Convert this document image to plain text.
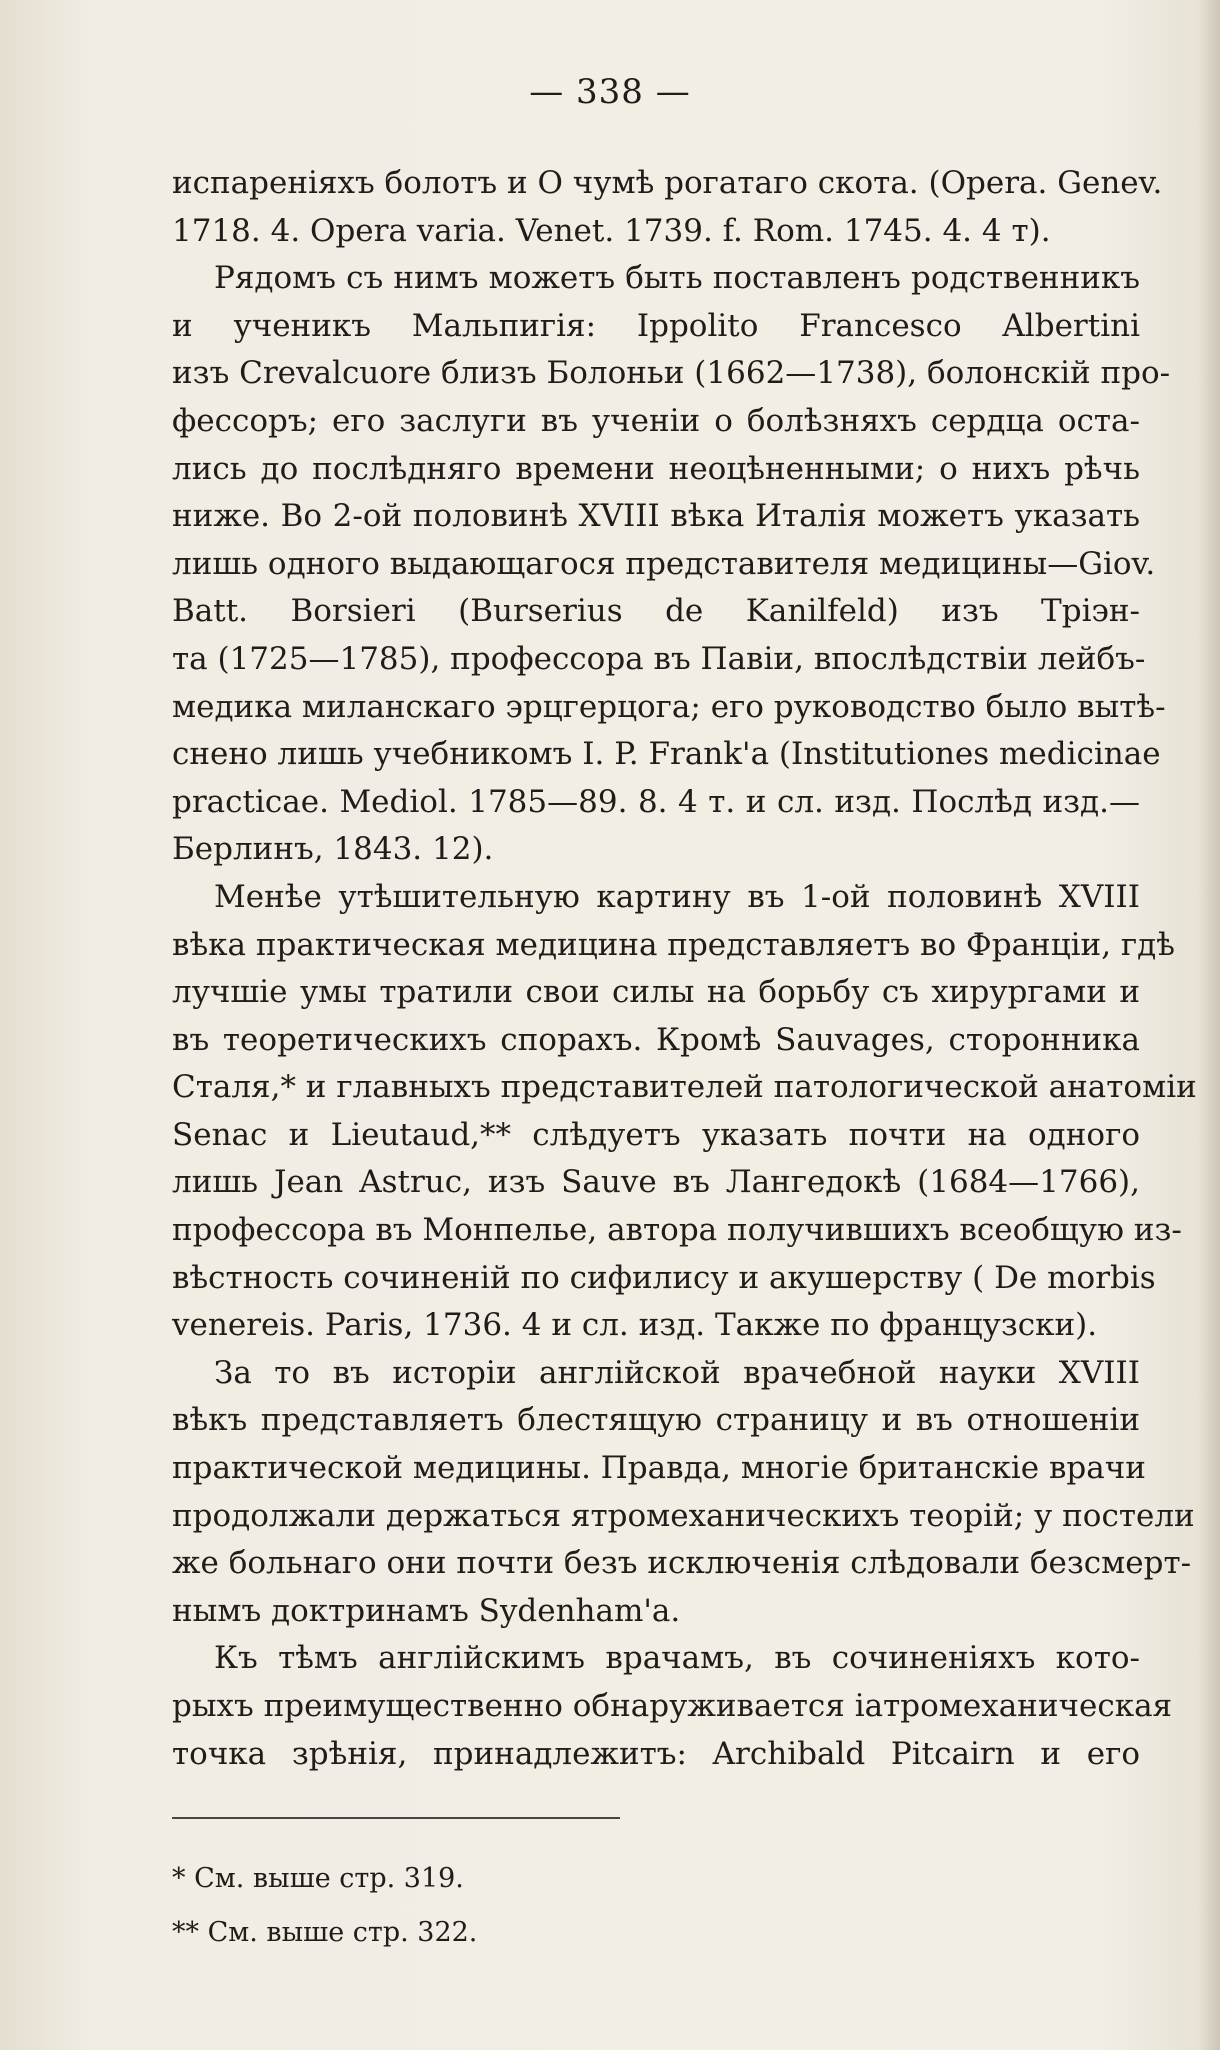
— 338 —
испареніяхъ болотъ и О чумѣ рогатаго скота. (Opera. Genev.
1718. 4. Opera varia. Venet. 1739. f. Rom. 1745. 4. 4 т).
Рядомъ съ нимъ можетъ быть поставленъ родственникъ
и ученикъ Мальпигія: Ippolito Francesco Albertini
изъ Crevalcuore близъ Болоньи (1662—1738), болонскій про-
фессоръ; его заслуги въ ученіи о болѣзняхъ сердца оста-
лись до послѣдняго времени неоцѣненными; о нихъ рѣчь
ниже. Во 2-ой половинѣ XVIII вѣка Италія можетъ указать
лишь одного выдающагося представителя медицины—Giov.
Batt. Borsieri (Burserius de Kanilfeld) изъ Тріэн-
та (1725—1785), профессора въ Павіи, впослѣдствіи лейбъ-
медика миланскаго эрцгерцога; его руководство было вытѣ-
снено лишь учебникомъ I. P. Frank'a (Institutiones medicinae
practicae. Mediol. 1785—89. 8. 4 т. и сл. изд. Послѣд изд.—
Берлинъ, 1843. 12).
Менѣе утѣшительную картину въ 1-ой половинѣ XVIII
вѣка практическая медицина представляетъ во Франціи, гдѣ
лучшіе умы тратили свои силы на борьбу съ хирургами и
въ теоретическихъ спорахъ. Кромѣ Sauvages, сторонника
Сталя,* и главныхъ представителей патологической анатоміи
Senac и Lieutaud,** слѣдуетъ указать почти на одного
лишь Jean Astruc, изъ Sauve въ Лангедокѣ (1684—1766),
профессора въ Монпелье, автора получившихъ всеобщую из-
вѣстность сочиненій по сифилису и акушерству ( De morbis
venereis. Paris, 1736. 4 и сл. изд. Также по французски).
За то въ исторіи англійской врачебной науки XVIII
вѣкъ представляетъ блестящую страницу и въ отношеніи
практической медицины. Правда, многіе британскіе врачи
продолжали держаться ятромеханическихъ теорій; у постели
же больнаго они почти безъ исключенія слѣдовали безсмерт-
нымъ доктринамъ Sydenham'a.
Къ тѣмъ англійскимъ врачамъ, въ сочиненіяхъ кото-
рыхъ преимущественно обнаруживается іатромеханическая
точка зрѣнія, принадлежитъ: Archibald Pitcairn и его
* См. выше стр. 319.
** См. выше стр. 322.
